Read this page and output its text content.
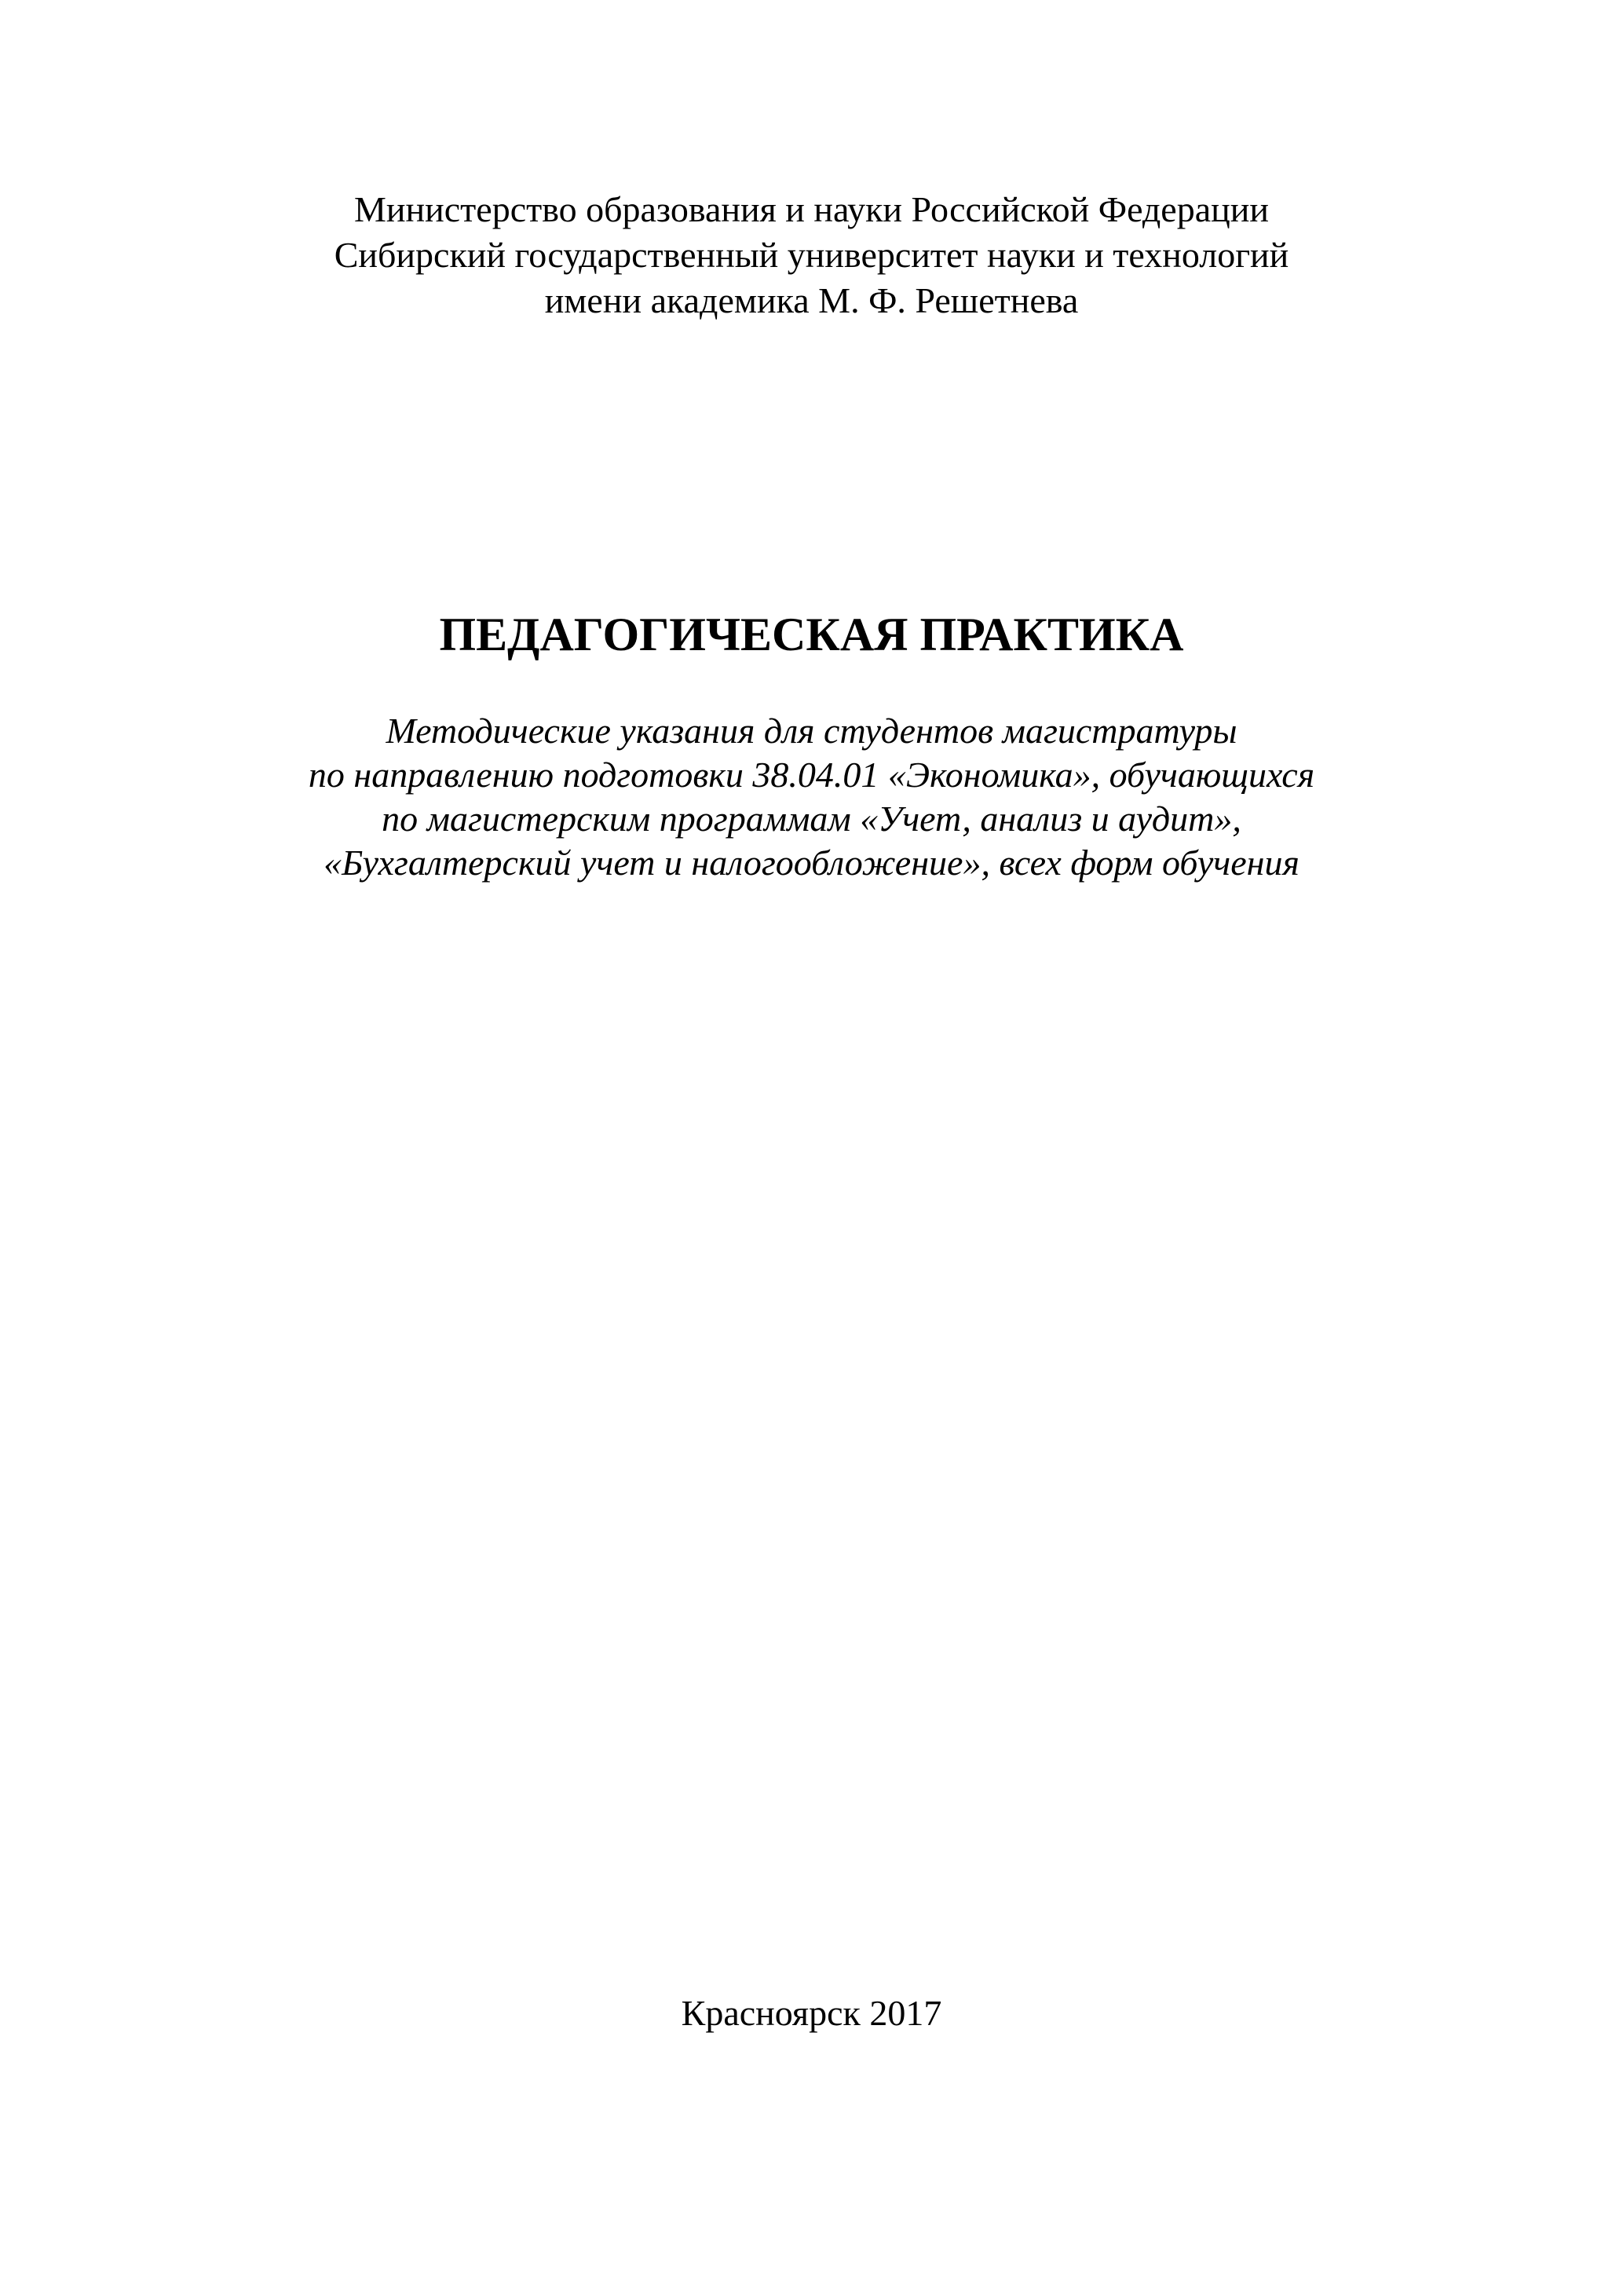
Министерство образования и науки Российской Федерации
Сибирский государственный университет науки и технологий
имени академика М. Ф. Решетнева
ПЕДАГОГИЧЕСКАЯ ПРАКТИКА
Методические указания для студентов магистратуры
по направлению подготовки 38.04.01 «Экономика», обучающихся
по магистерским программам «Учет, анализ и аудит»,
«Бухгалтерский учет и налогообложение», всех форм обучения
Красноярск 2017
